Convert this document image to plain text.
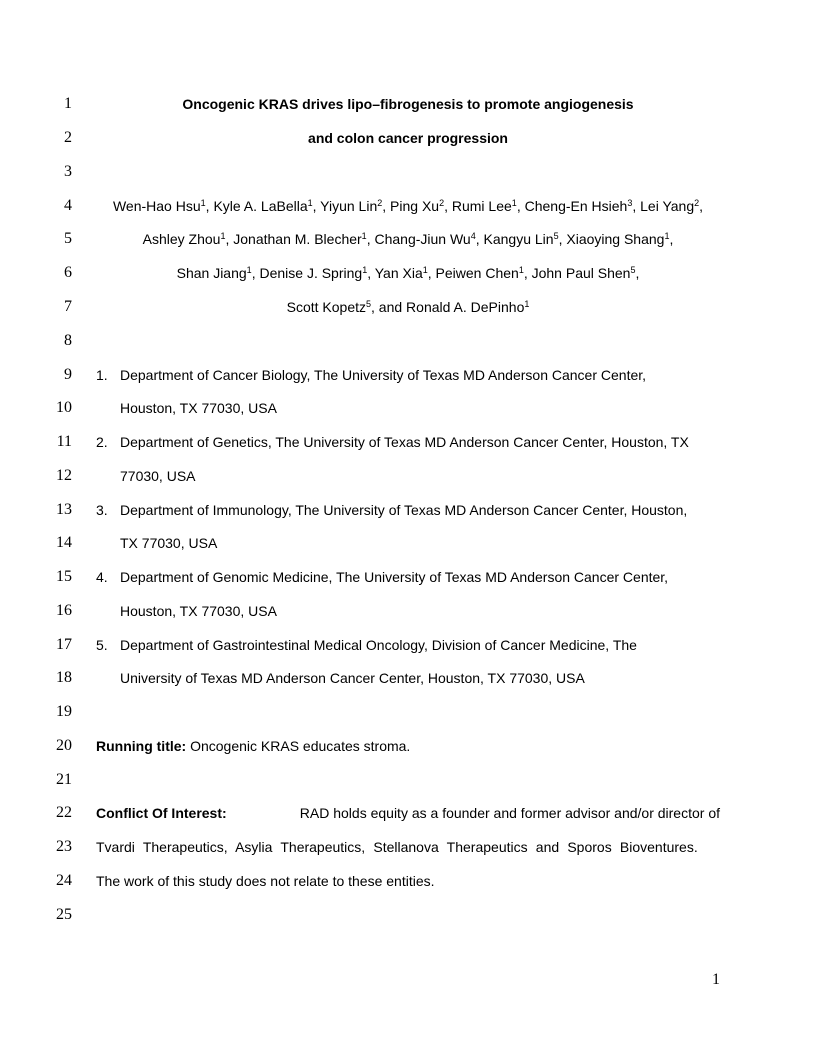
1
2
3
4
5
6
7
8
9
10
11
12
13
14
15
16
17
18
19
20
21
22
23
24
25
Oncogenic KRAS drives lipo–fibrogenesis to promote angiogenesis
and colon cancer progression
Wen-Hao Hsu$^1$, Kyle A. LaBella$^1$, Yiyun Lin$^2$, Ping Xu$^2$, Rumi Lee$^1$, Cheng-En Hsieh$^3$, Lei Yang$^2$,
Ashley Zhou$^1$, Jonathan M. Blecher$^1$, Chang-Jiun Wu$^4$, Kangyu Lin$^5$, Xiaoying Shang$^1$,
Shan Jiang$^1$, Denise J. Spring$^1$, Yan Xia$^1$, Peiwen Chen$^1$, John Paul Shen$^5$,
Scott Kopetz$^5$, and Ronald A. DePinho$^1$
1. Department of Cancer Biology, The University of Texas MD Anderson Cancer Center,
Houston, TX 77030, USA
2. Department of Genetics, The University of Texas MD Anderson Cancer Center, Houston, TX
77030, USA
3. Department of Immunology, The University of Texas MD Anderson Cancer Center, Houston,
TX 77030, USA
4. Department of Genomic Medicine, The University of Texas MD Anderson Cancer Center,
Houston, TX 77030, USA
5. Department of Gastrointestinal Medical Oncology, Division of Cancer Medicine, The
University of Texas MD Anderson Cancer Center, Houston, TX 77030, USA
Running title: Oncogenic KRAS educates stroma.
Conflict Of Interest:	RAD holds equity as a founder and former advisor and/or director of
Tvardi Therapeutics, Asylia Therapeutics, Stellanova Therapeutics and Sporos Bioventures.
The work of this study does not relate to these entities.
1
